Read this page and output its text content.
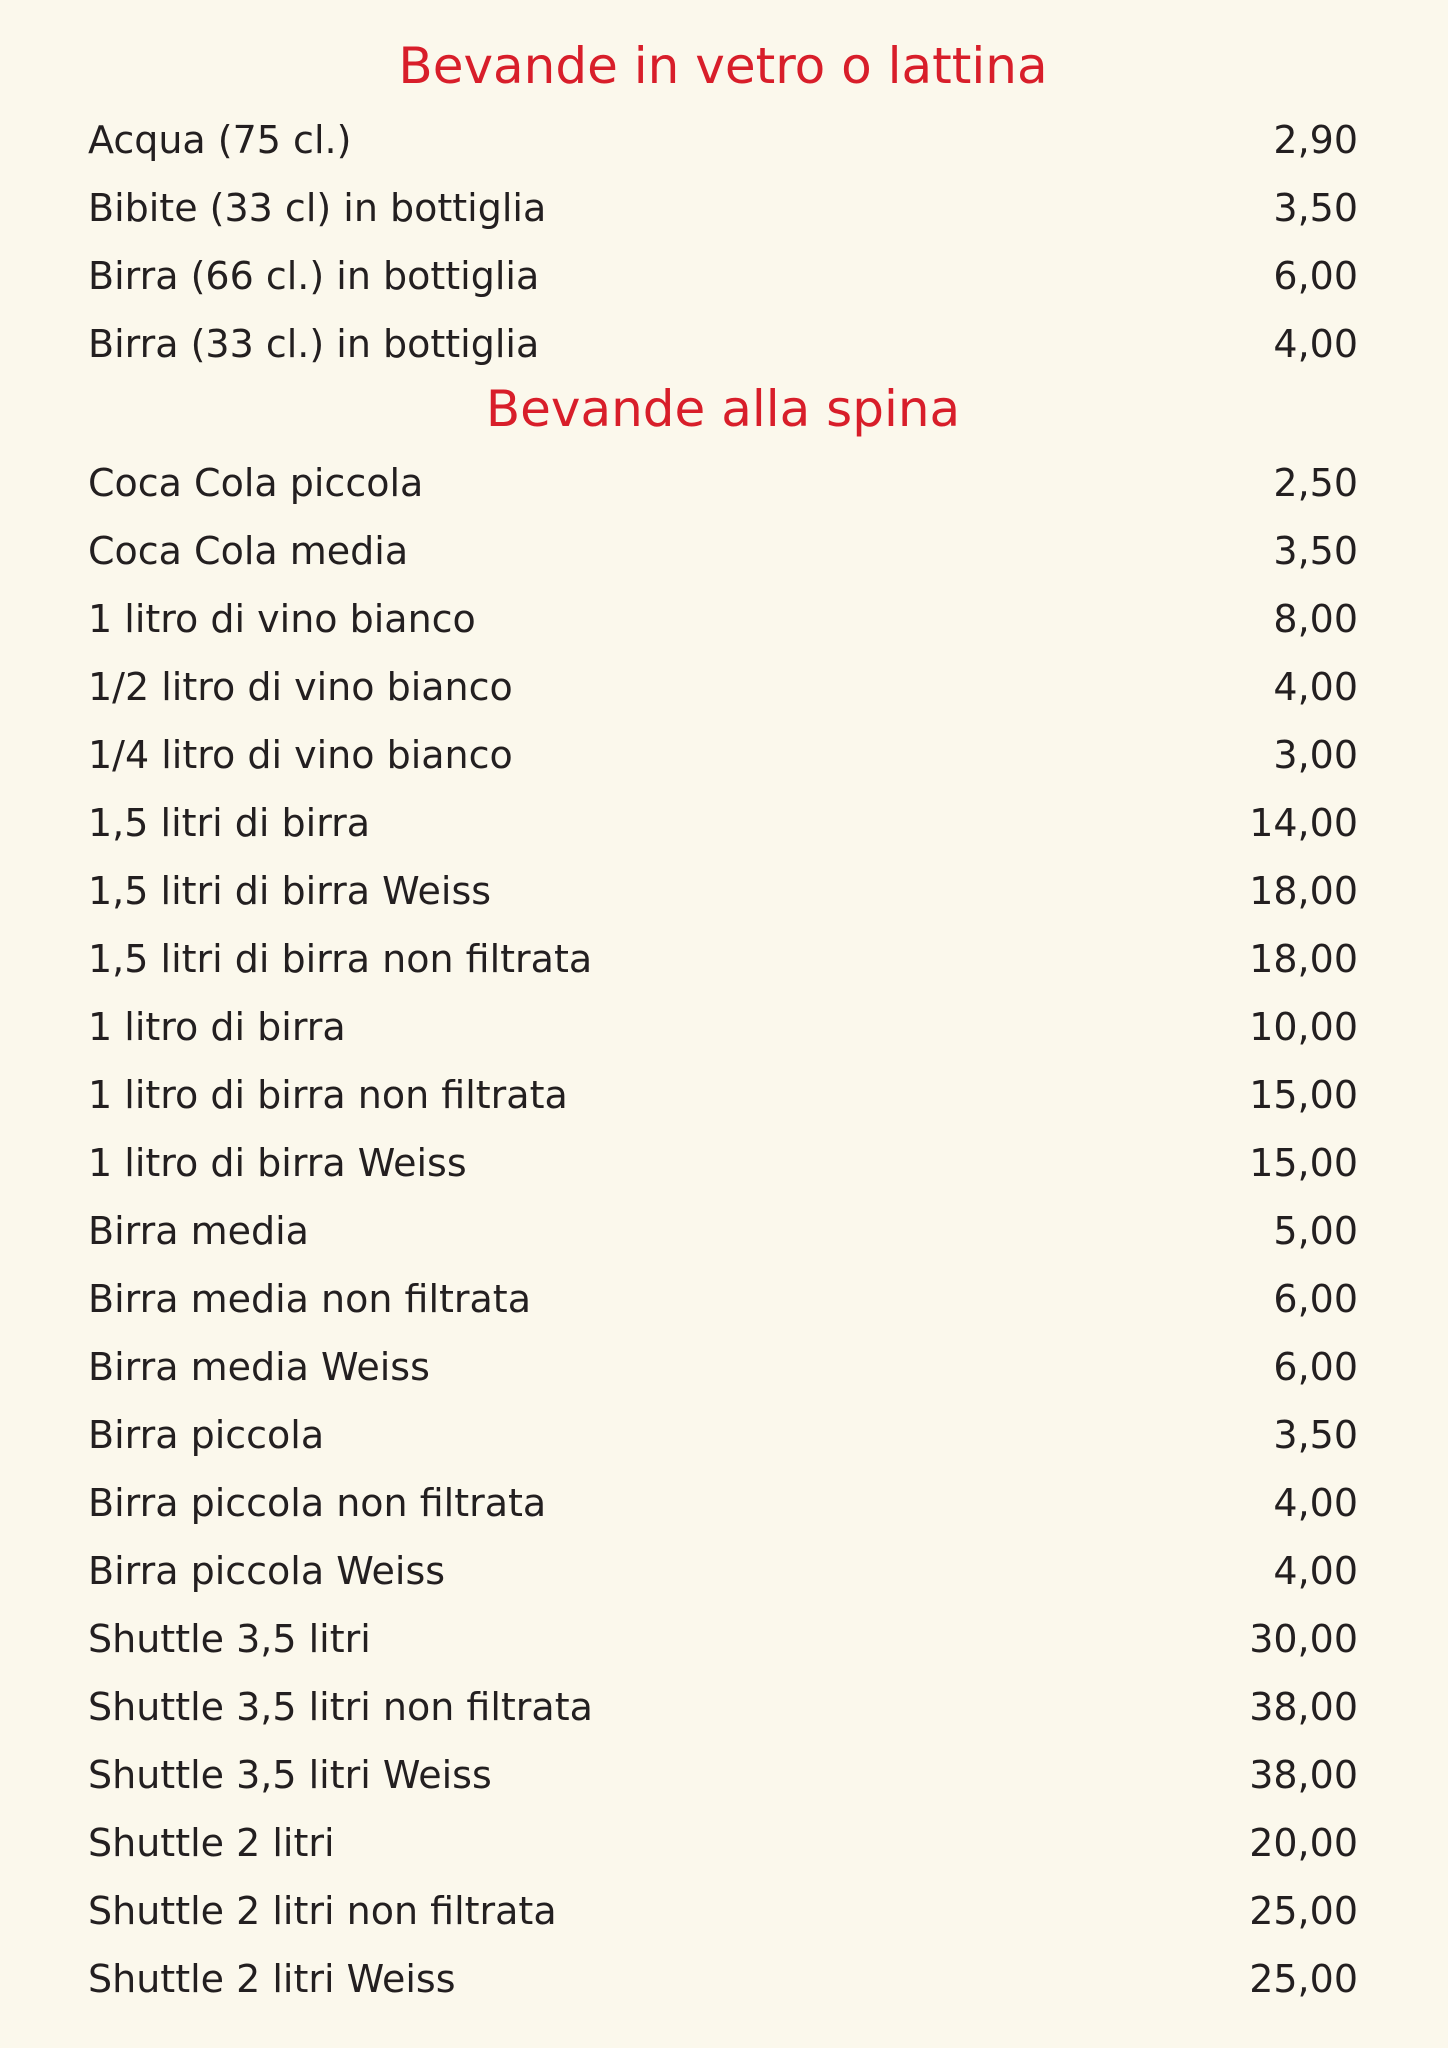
Bevande in vetro o lattina
Acqua (75 cl.)	2,90
Bibite (33 cl) in bottiglia	3,50
Birra (66 cl.) in bottiglia	6,00
Birra (33 cl.) in bottiglia	4,00
Bevande alla spina
Coca Cola piccola	2,50
Coca Cola media	3,50
1 litro di vino bianco	8,00
1/2 litro di vino bianco	4,00
1/4 litro di vino bianco	3,00
1,5 litri di birra	14,00
1,5 litri di birra Weiss	18,00
1,5 litri di birra non filtrata	18,00
1 litro di birra	10,00
1 litro di birra non filtrata	15,00
1 litro di birra Weiss	15,00
Birra media	5,00
Birra media non filtrata	6,00
Birra media Weiss	6,00
Birra piccola	3,50
Birra piccola non filtrata	4,00
Birra piccola Weiss	4,00
Shuttle 3,5 litri	30,00
Shuttle 3,5 litri non filtrata	38,00
Shuttle 3,5 litri Weiss	38,00
Shuttle 2 litri	20,00
Shuttle 2 litri non filtrata	25,00
Shuttle 2 litri Weiss	25,00
